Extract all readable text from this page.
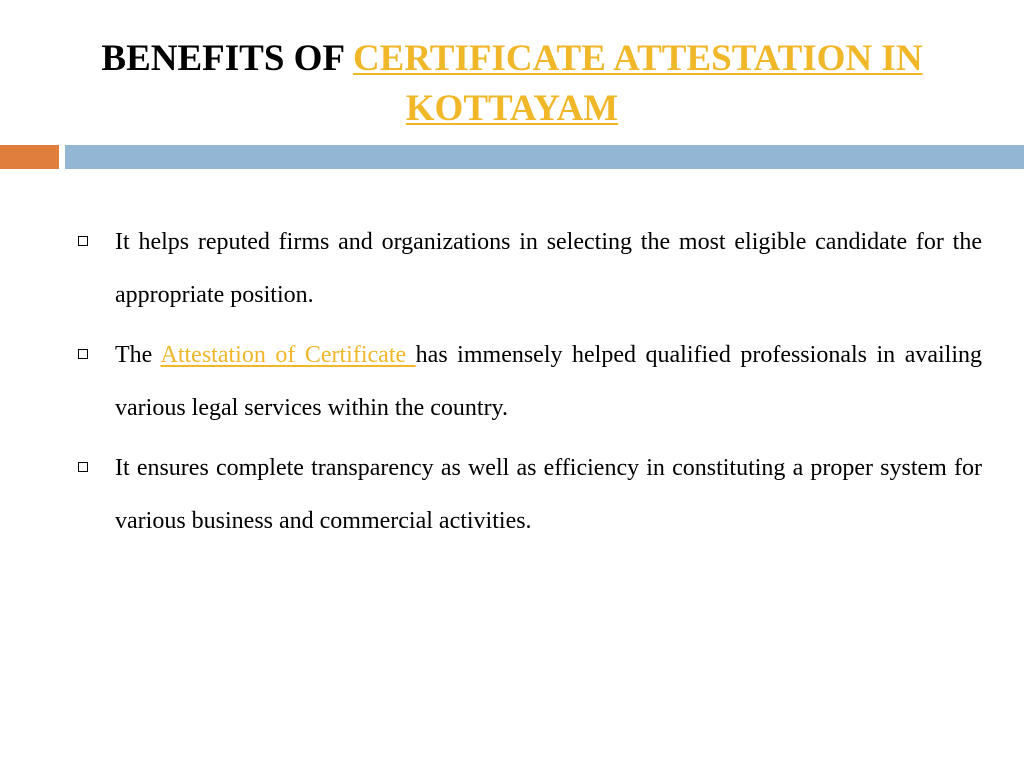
BENEFITS OF CERTIFICATE ATTESTATION IN KOTTAYAM
It helps reputed firms and organizations in selecting the most eligible candidate for the appropriate position.
The Attestation of Certificate has immensely helped qualified professionals in availing various legal services within the country.
It ensures complete transparency as well as efficiency in constituting a proper system for various business and commercial activities.
